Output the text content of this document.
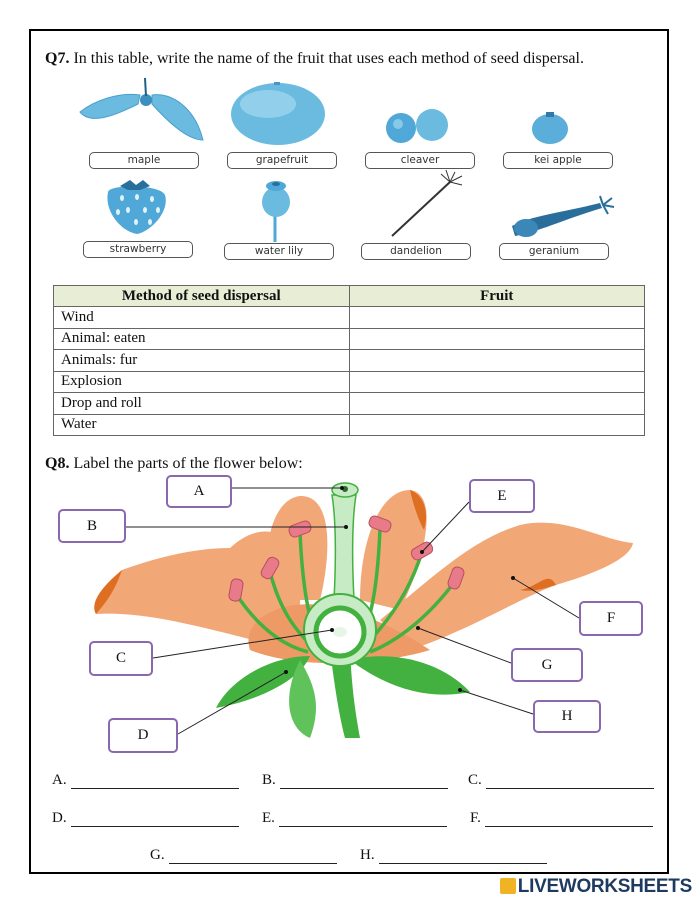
Q7. In this table, write the name of the fruit that uses each method of seed dispersal.
maple	grapefruit	cleaver	kei apple
strawberry	water lily	dandelion	geranium
Method of seed dispersal	Fruit
Wind	
Animal: eaten	
Animals: fur	
Explosion	
Drop and roll	
Water	
Q8. Label the parts of the flower below:
A
B
C
D
E
F
G
H
A.	B.	C.
D.	E.	F.
G.	H.
LIVEWORKSHEETS
